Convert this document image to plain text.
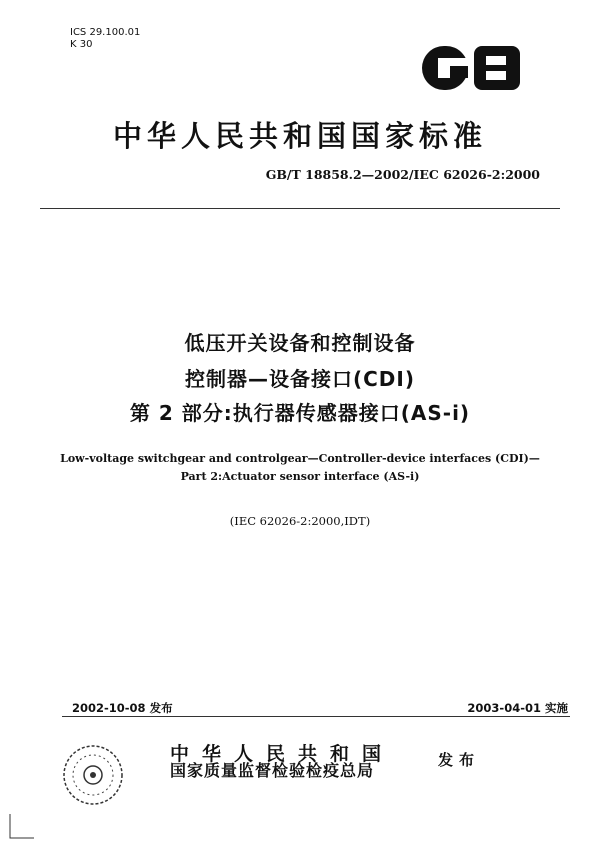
ICS 29.100.01
K 30
中华人民共和国国家标准
GB/T 18858.2—2002/IEC 62026-2:2000
低压开关设备和控制设备
控制器—设备接口(CDI)
第 2 部分:执行器传感器接口(AS-i)
Low-voltage switchgear and controlgear—Controller-device interfaces (CDI)—
Part 2:Actuator sensor interface (AS-i)
(IEC 62026-2:2000,IDT)
2002-10-08 发布	2003-04-01 实施
中华人民共和国
国家质量监督检验检疫总局
发布
